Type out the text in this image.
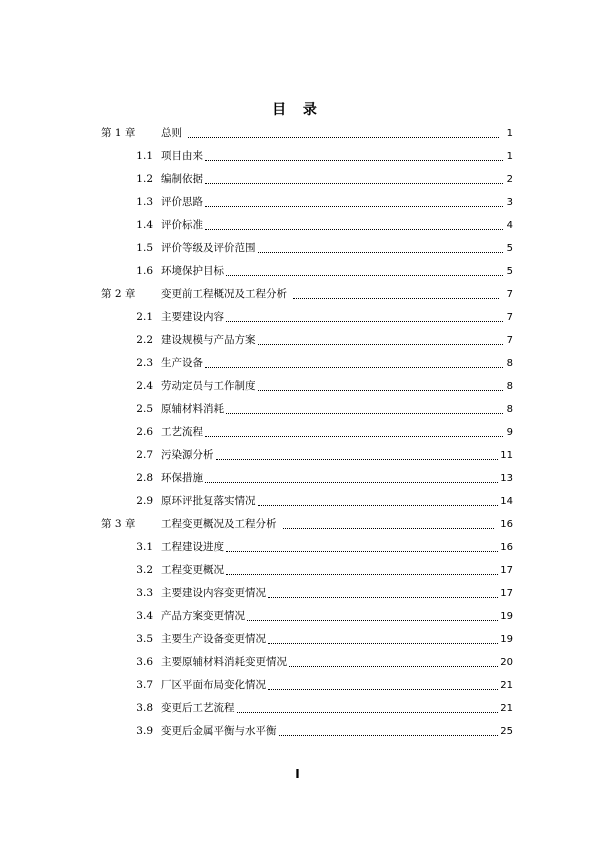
目 录
第 1 章	总则	1
1.1 项目由来	1
1.2 编制依据	2
1.3 评价思路	3
1.4 评价标准	4
1.5 评价等级及评价范围	5
1.6 环境保护目标	5
第 2 章	变更前工程概况及工程分析	7
2.1 主要建设内容	7
2.2 建设规模与产品方案	7
2.3 生产设备	8
2.4 劳动定员与工作制度	8
2.5 原辅材料消耗	8
2.6 工艺流程	9
2.7 污染源分析	11
2.8 环保措施	13
2.9 原环评批复落实情况	14
第 3 章	工程变更概况及工程分析	16
3.1 工程建设进度	16
3.2 工程变更概况	17
3.3 主要建设内容变更情况	17
3.4 产品方案变更情况	19
3.5 主要生产设备变更情况	19
3.6 主要原辅材料消耗变更情况	20
3.7 厂区平面布局变化情况	21
3.8 变更后工艺流程	21
3.9 变更后金属平衡与水平衡	25
I
